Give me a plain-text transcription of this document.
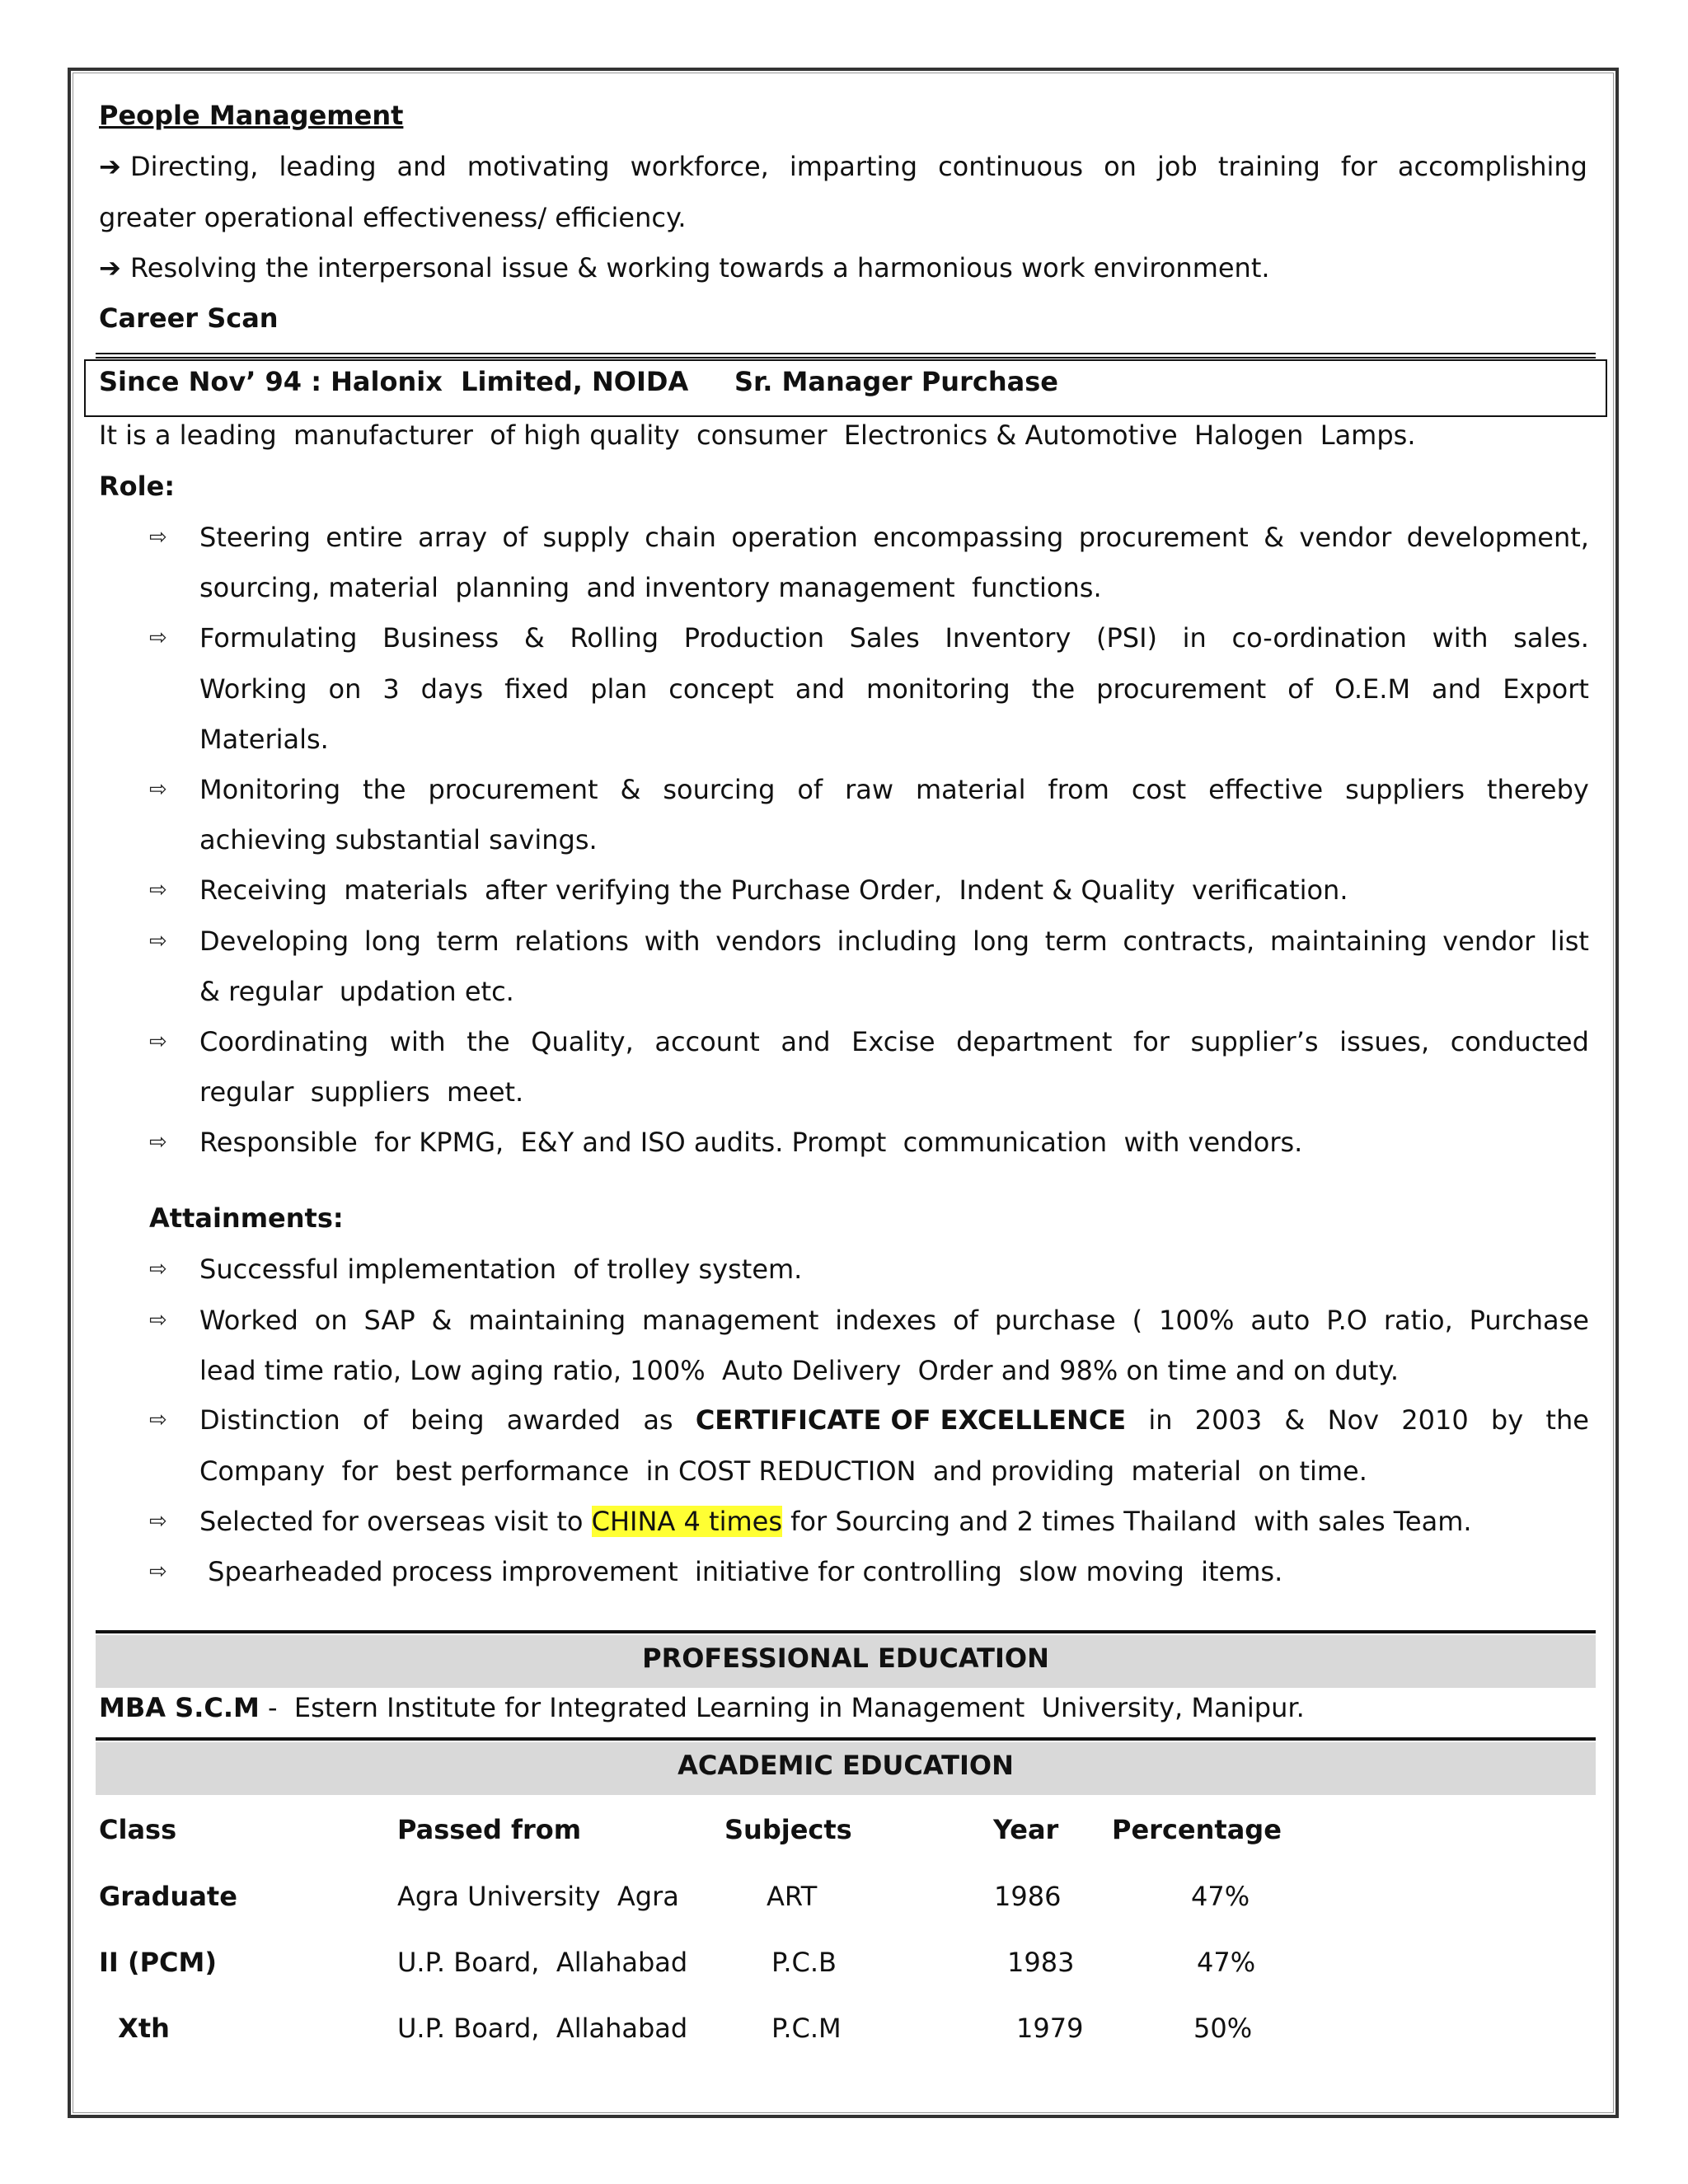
People Management
➔ Directing, leading and motivating workforce, imparting continuous on job training for accomplishing
greater operational effectiveness/ efficiency.
➔ Resolving the interpersonal issue & working towards a harmonious work environment.
Career Scan
Since Nov’ 94 : Halonix  Limited, NOIDA     Sr. Manager Purchase
It is a leading  manufacturer  of high quality  consumer  Electronics & Automotive  Halogen  Lamps.
Role:
⇨ Steering entire array of supply chain operation encompassing procurement & vendor development,
sourcing, material  planning  and inventory management  functions.
⇨ Formulating Business & Rolling Production Sales Inventory (PSI) in co-ordination with sales.
Working on 3 days fixed plan concept and monitoring the procurement of O.E.M and Export
Materials.
⇨ Monitoring the procurement & sourcing of raw material from cost effective suppliers thereby
achieving substantial savings.
⇨ Receiving  materials  after verifying the Purchase Order,  Indent & Quality  verification.
⇨ Developing long term relations with vendors including long term contracts, maintaining vendor list
& regular  updation etc.
⇨ Coordinating with the Quality, account and Excise department for supplier’s issues, conducted
regular  suppliers  meet.
⇨ Responsible  for KPMG,  E&Y and ISO audits. Prompt  communication  with vendors.
Attainments:
⇨ Successful implementation  of trolley system.
⇨ Worked on SAP & maintaining management indexes of purchase ( 100% auto P.O ratio, Purchase
lead time ratio, Low aging ratio, 100%  Auto Delivery  Order and 98% on time and on duty.
⇨ Distinction of being awarded as CERTIFICATE OF EXCELLENCE in 2003 & Nov 2010 by the
Company  for  best performance  in COST REDUCTION  and providing  material  on time.
⇨ Selected for overseas visit to CHINA 4 times for Sourcing and 2 times Thailand  with sales Team.
⇨ Spearheaded process improvement  initiative for controlling  slow moving  items.
PROFESSIONAL EDUCATION
MBA S.C.M -  Estern Institute for Integrated Learning in Management  University, Manipur.
ACADEMIC EDUCATION
Class	Passed from	Subjects	Year Percentage
Graduate	Agra University  Agra	ART	1986	47%
II (PCM)	U.P. Board,  Allahabad	P.C.B	1983	47%
Xth	U.P. Board,  Allahabad	P.C.M	1979	50%
